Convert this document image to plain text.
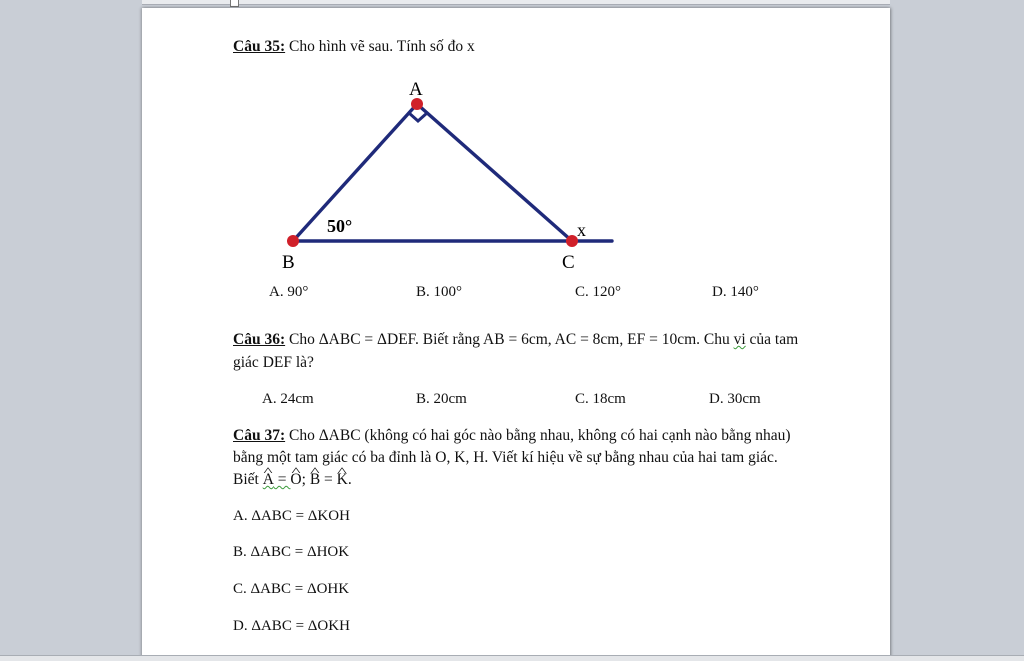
Câu 35: Cho hình vẽ sau. Tính số đo x
A
B	C
50°	x
A. 90°	B. 100°	C. 120°	D. 140°
Câu 36: Cho ΔABC = ΔDEF. Biết rằng AB = 6cm, AC = 8cm, EF = 10cm. Chu vi của tam
giác DEF là?
A. 24cm	B. 20cm	C. 18cm	D. 30cm
Câu 37: Cho ΔABC (không có hai góc nào bằng nhau, không có hai cạnh nào bằng nhau)
bằng một tam giác có ba đỉnh là O, K, H. Viết kí hiệu về sự bằng nhau của hai tam giác.
Biết ^ A = ^ O; ^ B = ^ K.
A. ΔABC = ΔKOH
B. ΔABC = ΔHOK
C. ΔABC = ΔOHK
D. ΔABC = ΔOKH
